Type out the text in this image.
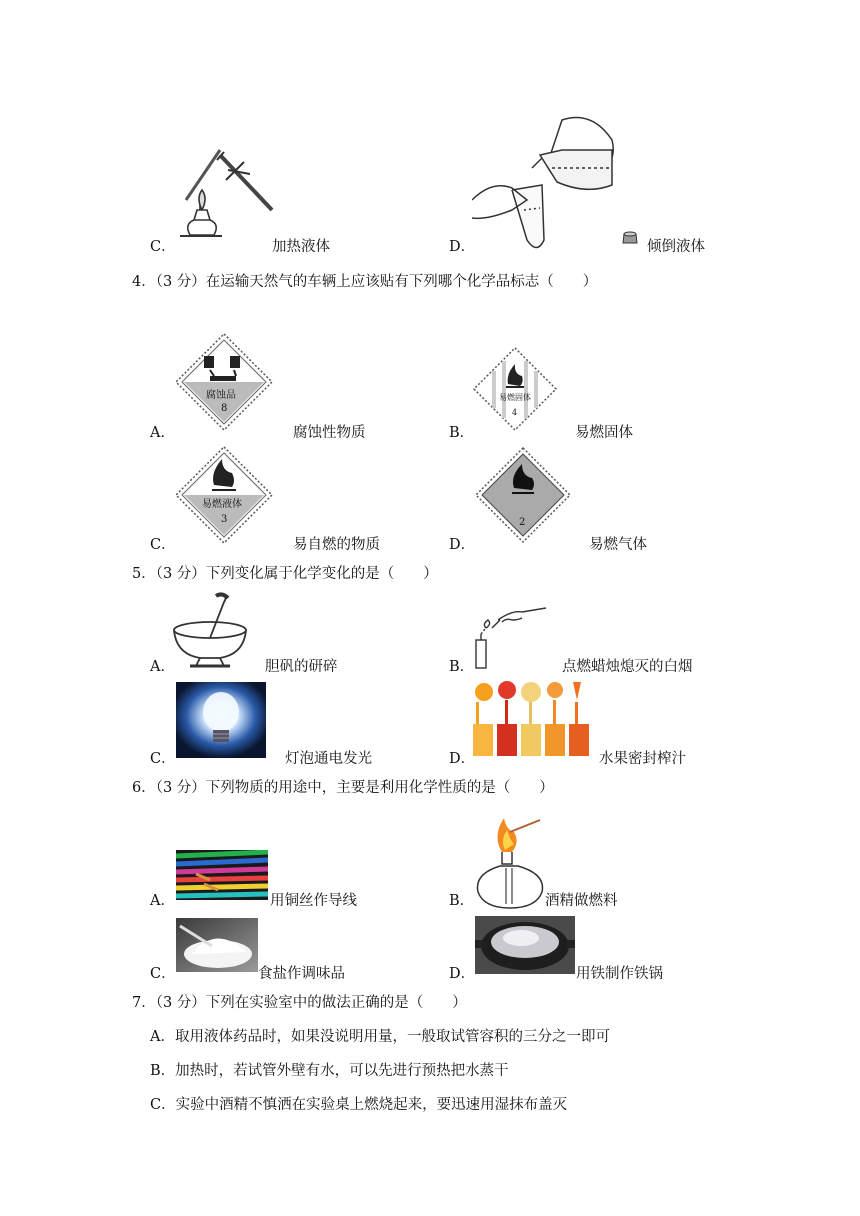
C．	加热液体	D．	倾倒液体
4．（3 分）在运输天然气的车辆上应该贴有下列哪个化学品标志（　　）
腐蚀品
8
A．	腐蚀性物质
易燃固体
4
B．	易燃固体
易燃液体
3
C．	易自燃的物质
2
D．	易燃气体
5．（3 分）下列变化属于化学变化的是（　　）
A．	胆矾的研碎	B．	点燃蜡烛熄灭的白烟
C．	灯泡通电发光	D．	水果密封榨汁
6．（3 分）下列物质的用途中，主要是利用化学性质的是（　　）
A．	用铜丝作导线	B．	酒精做燃料
C．	食盐作调味品	D．	用铁制作铁锅
7．（3 分）下列在实验室中的做法正确的是（　　）
A．取用液体药品时，如果没说明用量，一般取试管容积的三分之一即可
B．加热时，若试管外壁有水，可以先进行预热把水蒸干
C．实验中酒精不慎洒在实验桌上燃烧起来，要迅速用湿抹布盖灭
